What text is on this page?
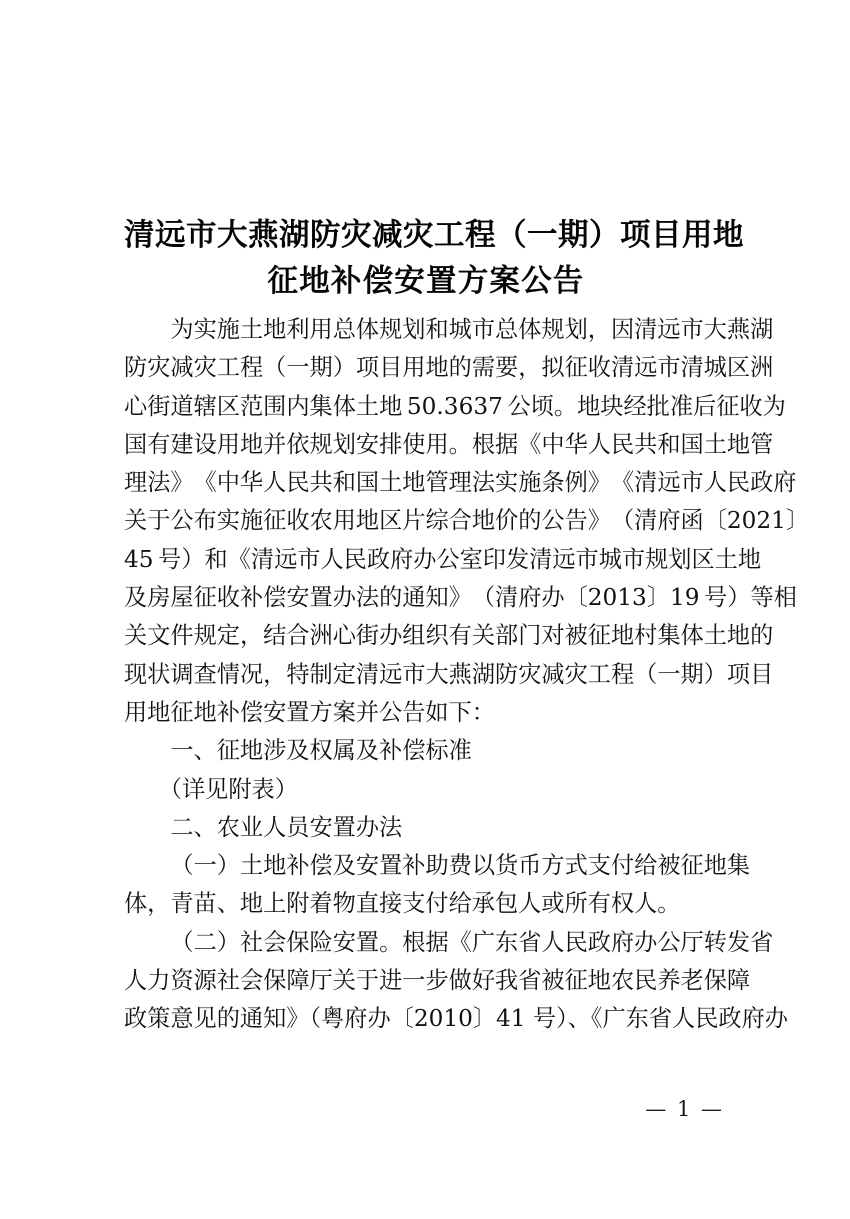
清远市大燕湖防灾减灾工程（一期）项目用地
征地补偿安置方案公告

为 实 施 土 地 利 用 总 体 规 划 和 城 市 总 体 规 划 ， 因 清 远 市 大 燕 湖
防 灾 减 灾 工 程 （ 一 期 ） 项 目 用 地 的 需 要 ， 拟 征 收 清 远 市 清 城 区 洲
心 街 道 辖 区 范 围 内 集 体 土 地
  5 0 . 3 6 3 7
  公 顷 。 地 块 经 批 准 后 征 收 为
国 有 建 设 用 地 并 依 规 划 安 排 使 用 。 根 据 《 中 华 人 民 共 和 国 土 地 管
理 法 》 《 中 华 人 民 共 和 国 土 地 管 理 法 实 施 条 例 》 《 清 远 市 人 民 政 府
关 于 公 布 实 施 征 收 农 用 地 区 片 综 合 地 价 的 公 告 》 （ 清 府 函 〔 2 0 2 1 〕
4 5
  号 ） 和 《 清 远 市 人 民 政 府 办 公 室 印 发 清 远 市 城 市 规 划 区 土 地
及 房 屋 征 收 补 偿 安 置 办 法 的 通 知 》 （ 清 府 办 〔 2 0 1 3 〕 1 9
  号 ） 等 相
关 文 件 规 定 ， 结 合 洲 心 街 办 组 织 有 关 部 门 对 被 征 地 村 集 体 土 地 的
现 状 调 查 情 况 ， 特 制 定 清 远 市 大 燕 湖 防 灾 减 灾 工 程 （ 一 期 ） 项 目
用地征地补偿安置方案并公告如下：

　　一、征地涉及权属及补偿标准

　　（详见附表）

　　二、农业人员安置办法

（ 一 ） 土 地 补 偿 及 安 置 补 助 费 以 货 币 方 式 支 付 给 被 征 地 集
体，青苗、地上附着物直接支付给承包人或所有权人。

（ 二 ） 社 会 保 险 安 置 。 根 据 《 广 东 省 人 民 政 府 办 公 厅 转 发 省
人 力 资 源 社 会 保 障 厅 关 于 进 一 步 做 好 我 省 被 征 地 农 民 养 老 保 障
政策意见的通知》（粤府办〔2010〕41 号）、《广东省人民政府办

— 1 —
